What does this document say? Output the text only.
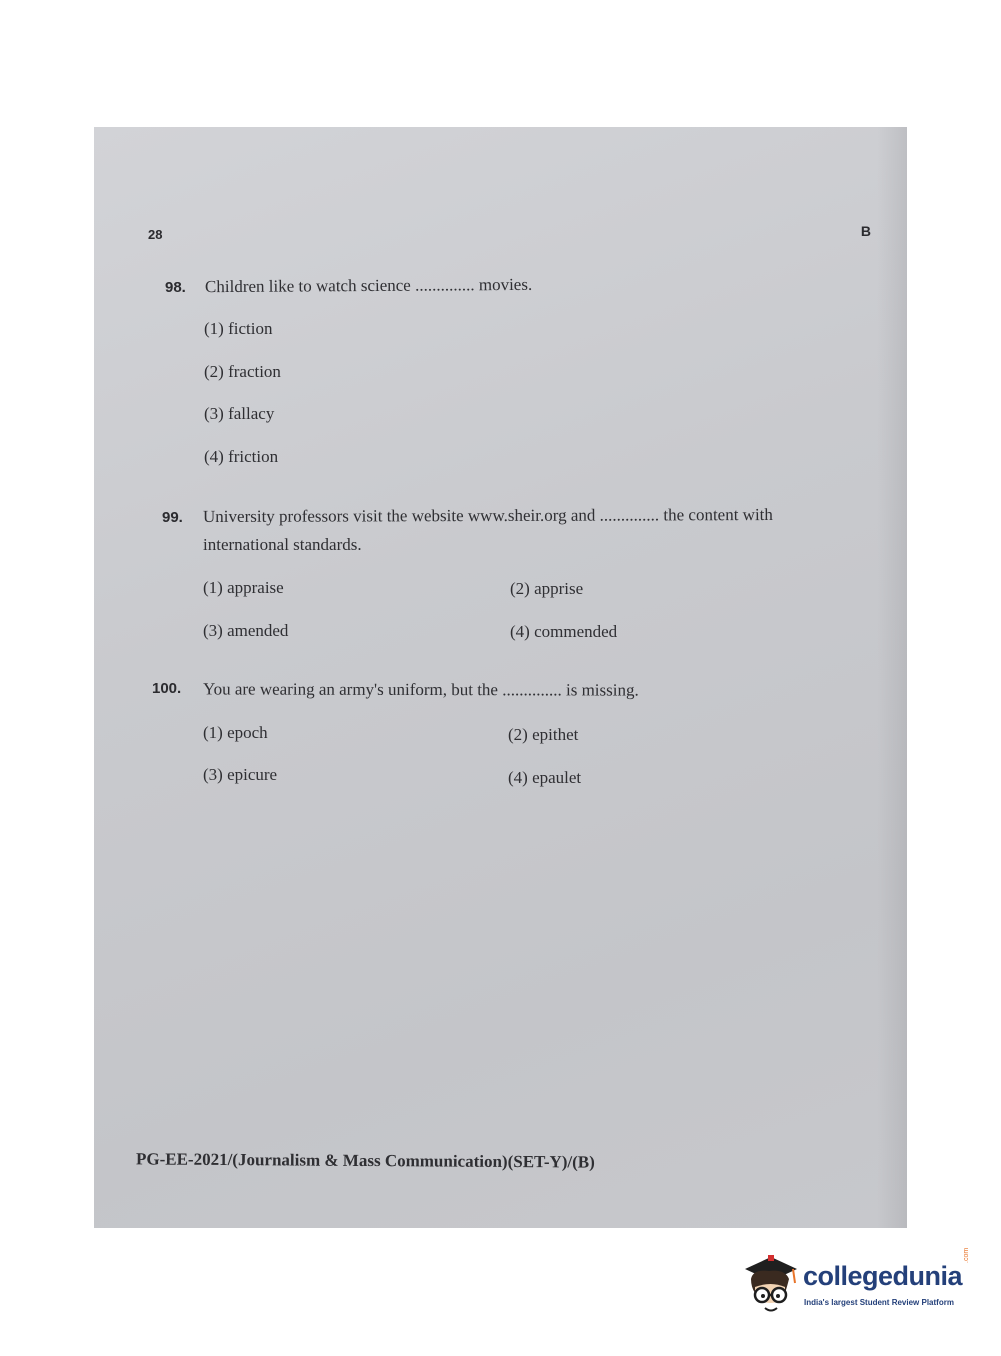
28	B
98. Children like to watch science .............. movies.
(1) fiction
(2) fraction
(3) fallacy
(4) friction
99. University professors visit the website www.sheir.org and .............. the content with
international standards.
(1) appraise	(2) apprise
(3) amended	(4) commended
100. You are wearing an army's uniform, but the .............. is missing.
(1) epoch	(2) epithet
(3) epicure	(4) epaulet
PG-EE-2021/(Journalism & Mass Communication)(SET-Y)/(B)
collegedunia
.com
India's largest Student Review Platform
